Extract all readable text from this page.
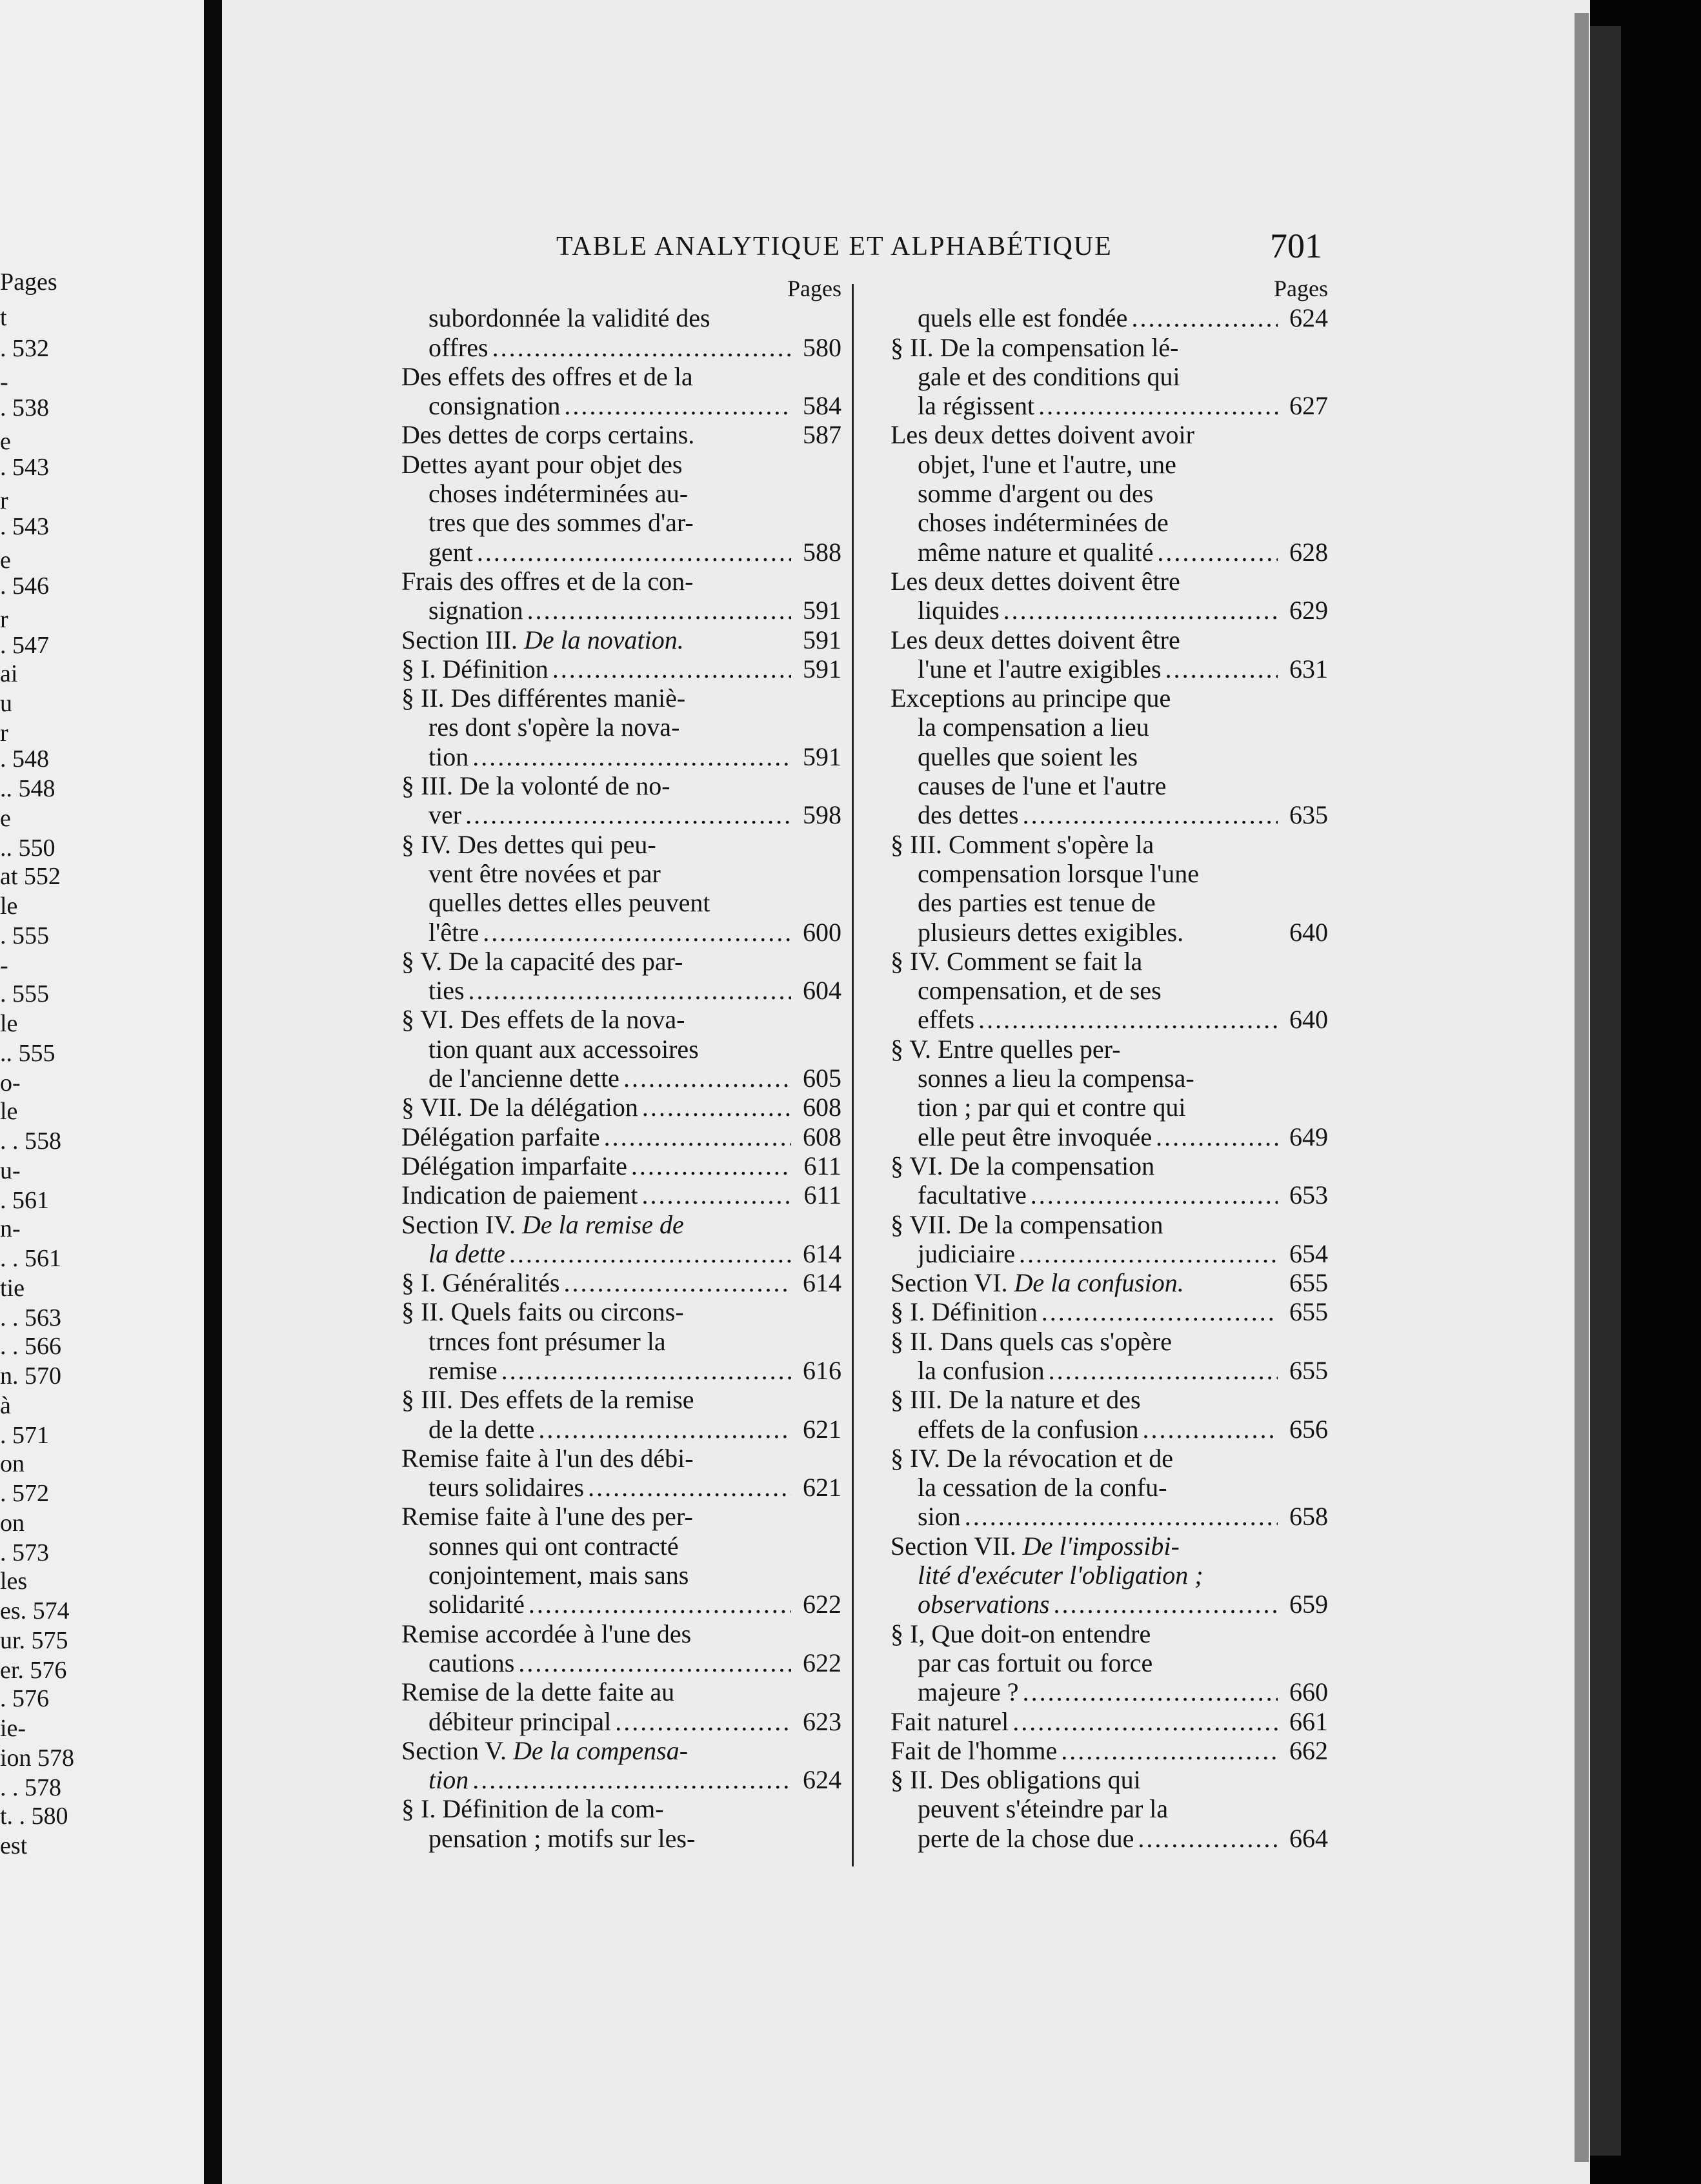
Pages
t
. 532
-
. 538
e
. 543
r
. 543
e
. 546
r
. 547
ai
u
r
. 548
.. 548
e
.. 550
at 552
le
. 555
-
. 555
le
.. 555
o-
le
. . 558
u-
. 561
n-
. . 561
tie
. . 563
. . 566
n. 570
à
. 571
on
. 572
on
. 573
les
es. 574
ur. 575
er. 576
. 576
ie-
ion 578
. . 578
t. . 580
est
TABLE ANALYTIQUE ET ALPHABÉTIQUE	701
Pages
subordonnée la validité des
offres .....	580
Des effets des offres et de la
consignation .....	584
Des dettes de corps certains.	587
Dettes ayant pour objet des
choses indéterminées au-
tres que des sommes d'ar-
gent .....	588
Frais des offres et de la con-
signation .....	591
Section III. De la novation.	591
§ I. Définition .....	591
§ II. Des différentes maniè-
res dont s'opère la nova-
tion .....	591
§ III. De la volonté de no-
ver .....	598
§ IV. Des dettes qui peu-
vent être novées et par
quelles dettes elles peuvent
l'être .....	600
§ V. De la capacité des par-
ties .....	604
§ VI. Des effets de la nova-
tion quant aux accessoires
de l'ancienne dette .....	605
§ VII. De la délégation .....	608
Délégation parfaite .....	608
Délégation imparfaite .....	611
Indication de paiement .....	611
Section IV. De la remise de
la dette .....	614
§ I. Généralités .....	614
§ II. Quels faits ou circons-
trnces font présumer la
remise .....	616
§ III. Des effets de la remise
de la dette .....	621
Remise faite à l'un des débi-
teurs solidaires .....	621
Remise faite à l'une des per-
sonnes qui ont contracté
conjointement, mais sans
solidarité .....	622
Remise accordée à l'une des
cautions .....	622
Remise de la dette faite au
débiteur principal .....	623
Section V. De la compensa-
tion .....	624
§ I. Définition de la com-
pensation ; motifs sur les-
Pages
quels elle est fondée .....	624
§ II. De la compensation lé-
gale et des conditions qui
la régissent .....	627
Les deux dettes doivent avoir
objet, l'une et l'autre, une
somme d'argent ou des
choses indéterminées de
même nature et qualité .....	628
Les deux dettes doivent être
liquides .....	629
Les deux dettes doivent être
l'une et l'autre exigibles .....	631
Exceptions au principe que
la compensation a lieu
quelles que soient les
causes de l'une et l'autre
des dettes .....	635
§ III. Comment s'opère la
compensation lorsque l'une
des parties est tenue de
plusieurs dettes exigibles.	640
§ IV. Comment se fait la
compensation, et de ses
effets .....	640
§ V. Entre quelles per-
sonnes a lieu la compensa-
tion ; par qui et contre qui
elle peut être invoquée .....	649
§ VI. De la compensation
facultative .....	653
§ VII. De la compensation
judiciaire .....	654
Section VI. De la confusion.	655
§ I. Définition .....	655
§ II. Dans quels cas s'opère
la confusion .....	655
§ III. De la nature et des
effets de la confusion .....	656
§ IV. De la révocation et de
la cessation de la confu-
sion .....	658
Section VII. De l'impossibi-
lité d'exécuter l'obligation ;
observations .....	659
§ I, Que doit-on entendre
par cas fortuit ou force
majeure ? .....	660
Fait naturel .....	661
Fait de l'homme .....	662
§ II. Des obligations qui
peuvent s'éteindre par la
perte de la chose due .....	664
